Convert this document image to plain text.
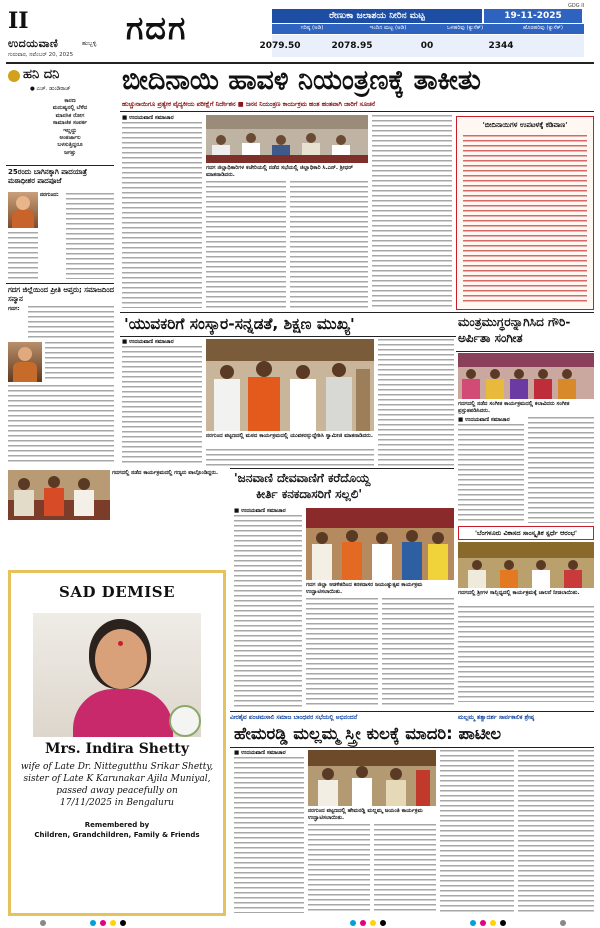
II
ಉದಯವಾಣಿ	ಹುಬ್ಬಳ್ಳಿ
ಗುರುವಾರ, ನವೆಂಬರ್ 20, 2025
ಗದಗ
GDG II
ರೇಣುಕಾ ಜಲಾಶಯ ನೀರಿನ ಮಟ್ಟ	19-11-2025
ಗರಿಷ್ಠ (ಅಡಿ)	ಇಂದಿನ ಮಟ್ಟ (ಅಡಿ)	ಒಳಹರಿವು (ಕ್ಯುಸೆಕ್)	ಹೊರಹರಿವು (ಕ್ಯುಸೆಕ್)
2079.50	2078.95	00	2344
ಹನಿ ದನಿ
● ಎಚ್. ಡುಂಡಿರಾಜ್
ಕಾರಣ
ಮನುಷ್ಯನಲ್ಲಿ ಬೆಳೆದ
ಮಾನಸಿಕ ರೋಗ
ಸಾಮಾಜಿಕ ಸಂಪರ್ಕ
ಇಲ್ಲದ್ದು
ಅಂತರ್ಜಾಲ
ಬಳಸುತ್ತಿದ್ದರೂ
ಜಗತ್ತು
25ರಂದು ಬಾಗಿನಕ್ಕಾಗಿ ಪಾದಯಾತ್ರೆ ಮಠಾಧೀಶರ ಪಾದಪೂಜೆ
ನರಗುಂದ:
ಗದಗ ಜಿಲ್ಲೆಯಿಂದ ಪ್ರೀತಿ ಆಪ್ತರು; ಸಮಾಜದಿಂದ ಸನ್ಮಾನ
ಗದಗ:
ಬೀದಿನಾಯಿ ಹಾವಳಿ ನಿಯಂತ್ರಣಕ್ಕೆ ತಾಕೀತು
ಹುಚ್ಚುನಾಯಿಗೂ ಪ್ರತ್ಯೇಕ ವೈದ್ಯಕೀಯ ಪರೀಕ್ಷೆಗೆ ನಿರ್ದೇಶನ ■ ಜನನ ನಿಯಂತ್ರಣ ಕಾರ್ಯಕ್ರಮ ಹಂತ ಹಂತವಾಗಿ ಜಾರಿಗೆ ಸೂಚನೆ
■ ಉದಯವಾಣಿ ಸಮಾಚಾರ
ಗದಗ ಜಿಲ್ಲಾಧಿಕಾರಿಗಳ ಕಚೇರಿಯಲ್ಲಿ ನಡೆದ ಸಭೆಯಲ್ಲಿ ಜಿಲ್ಲಾಧಿಕಾರಿ ಸಿ.ಎನ್. ಶ್ರೀಧರ್ ಮಾತನಾಡಿದರು.
'ಬೀದಿನಾಯಿಗಳ ಉಪಟಳಕ್ಕೆ ಕಡಿವಾಣ'
'ಯುವಕರಿಗೆ ಸಂಸ್ಕಾರ-ಸನ್ನಡತೆ, ಶಿಕ್ಷಣ ಮುಖ್ಯ'
■ ಉದಯವಾಣಿ ಸಮಾಚಾರ
ನರಗುಂದ ಪಟ್ಟಣದಲ್ಲಿ ಮಠದ ಕಾರ್ಯಕ್ರಮದಲ್ಲಿ ಯುವಕರನ್ನುದ್ದೇಶಿಸಿ ಸ್ವಾಮೀಜಿ ಮಾತನಾಡಿದರು.
ಗದಗದಲ್ಲಿ ನಡೆದ ಕಾರ್ಯಕ್ರಮದಲ್ಲಿ ಗಣ್ಯರು ಪಾಲ್ಗೊಂಡಿದ್ದರು.
ಮಂತ್ರಮುಗ್ಧರನ್ನಾಗಿಸಿದ ಗೌರಿ-ಅರ್ಪಿತಾ ಸಂಗೀತ
ಗದಗದಲ್ಲಿ ನಡೆದ ಸಂಗೀತ ಕಾರ್ಯಕ್ರಮದಲ್ಲಿ ಕಲಾವಿದರು ಸಂಗೀತ ಪ್ರಸ್ತುತಪಡಿಸಿದರು.
■ ಉದಯವಾಣಿ ಸಮಾಚಾರ
'ಬೆಂಗಳೂರು ವಿಕಾಸದ ಸಾಂಸ್ಕೃತಿಕ ಸ್ಪರ್ಧೆ ಆರಂಭ'
ಗದಗದಲ್ಲಿ ಶ್ರೀಗಳ ಸಾನ್ನಿಧ್ಯದಲ್ಲಿ ಕಾರ್ಯಕ್ರಮಕ್ಕೆ ಚಾಲನೆ ನೀಡಲಾಯಿತು.
'ಜನವಾಣಿ ದೇವವಾಣಿಗೆ ಕರೆದೊಯ್ದ
ಕೀರ್ತಿ ಕನಕದಾಸರಿಗೆ ಸಲ್ಲಲಿ'
■ ಉದಯವಾಣಿ ಸಮಾಚಾರ
ಗದಗ ಜಿಲ್ಲಾ ಆಡಳಿತದಿಂದ ಕನಕದಾಸರ ಜಯಂತ್ಯುತ್ಸವ ಕಾರ್ಯಕ್ರಮ ಉದ್ಘಾಟಿಸಲಾಯಿತು.
SAD DEMISE
Mrs. Indira Shetty
wife of Late Dr. Nittegutthu Srikar Shetty,
sister of Late K Karunakar Ajila Muniyal,
passed away peacefully on
17/11/2025 in Bengaluru
Remembered by
Children, Grandchildren, Family & Friends
ವೀರಶೈವ ಪಂಚಮಸಾಲಿ ಸಮಾಜ ಬಾಂಧವರ ಸಭೆಯಲ್ಲಿ ಅಭಿನಂದನೆ	ಮಲ್ಲಮ್ಮ ತತ್ವಾದರ್ಶ ಸಾರ್ವಕಾಲಿಕ ಶ್ರೇಷ್ಠ
ಹೇಮರಡ್ಡಿ ಮಲ್ಲಮ್ಮ ಸ್ತ್ರೀ ಕುಲಕ್ಕೆ ಮಾದರಿ: ಪಾಟೀಲ
■ ಉದಯವಾಣಿ ಸಮಾಚಾರ
ನರಗುಂದ ಪಟ್ಟಣದಲ್ಲಿ ಹೇಮರಡ್ಡಿ ಮಲ್ಲಮ್ಮ ಜಯಂತಿ ಕಾರ್ಯಕ್ರಮ ಉದ್ಘಾಟಿಸಲಾಯಿತು.
